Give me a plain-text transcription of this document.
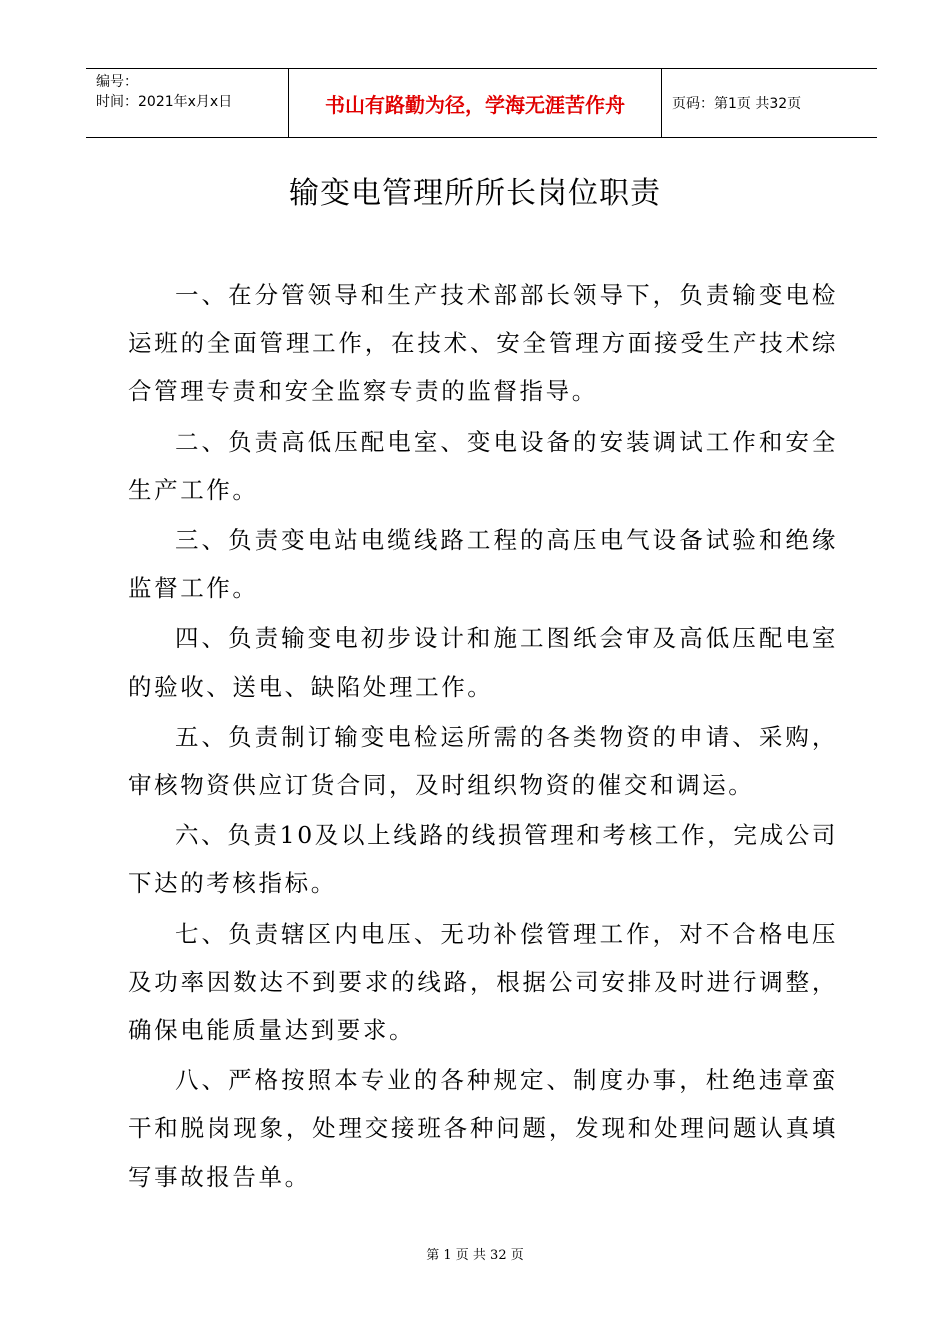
编号：
时间：2021年x月x日	书山有路勤为径，学海无涯苦作舟	页码：第1页 共32页
输变电管理所所长岗位职责

一、在分管领导和生产技术部部长领导下，负责输变电检运班的全面管理工作，在技术、安全管理方面接受生产技术综合管理专责和安全监察专责的监督指导。

二、负责高低压配电室、变电设备的安装调试工作和安全生产工作。

三、负责变电站电缆线路工程的高压电气设备试验和绝缘监督工作。

四、负责输变电初步设计和施工图纸会审及高低压配电室的验收、送电、缺陷处理工作。

五、负责制订输变电检运所需的各类物资的申请、采购，审核物资供应订货合同，及时组织物资的催交和调运。

六、负责10及以上线路的线损管理和考核工作，完成公司下达的考核指标。

七、负责辖区内电压、无功补偿管理工作，对不合格电压及功率因数达不到要求的线路，根据公司安排及时进行调整，确保电能质量达到要求。

八、严格按照本专业的各种规定、制度办事，杜绝违章蛮干和脱岗现象，处理交接班各种问题，发现和处理问题认真填写事故报告单。

第 1 页 共 32 页
